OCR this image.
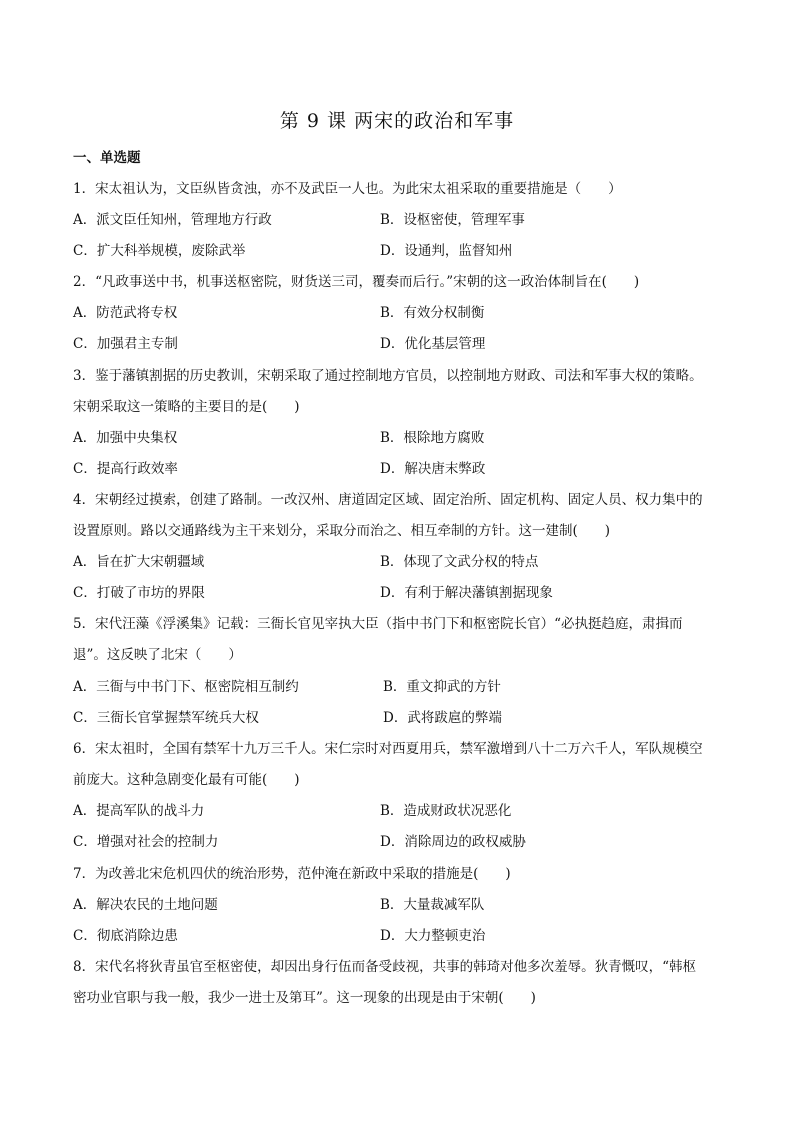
第 9 课 两宋的政治和军事
一、单选题
1．宋太祖认为，文臣纵皆贪浊，亦不及武臣一人也。为此宋太祖采取的重要措施是（　　）
A．派文臣任知州，管理地方行政	B．设枢密使，管理军事
C．扩大科举规模，废除武举	D．设通判，监督知州
2．“凡政事送中书，机事送枢密院，财货送三司，覆奏而后行。”宋朝的这一政治体制旨在(　　)
A．防范武将专权	B．有效分权制衡
C．加强君主专制	D．优化基层管理
3．鉴于藩镇割据的历史教训，宋朝采取了通过控制地方官员，以控制地方财政、司法和军事大权的策略。
宋朝采取这一策略的主要目的是(　　)
A．加强中央集权	B．根除地方腐败
C．提高行政效率	D．解决唐末弊政
4．宋朝经过摸索，创建了路制。一改汉州、唐道固定区域、固定治所、固定机构、固定人员、权力集中的
设置原则。路以交通路线为主干来划分，采取分而治之、相互牵制的方针。这一建制(　　)
A．旨在扩大宋朝疆域	B．体现了文武分权的特点
C．打破了市坊的界限	D．有利于解决藩镇割据现象
5．宋代汪藻《浮溪集》记载：三衙长官见宰执大臣（指中书门下和枢密院长官）“必执挺趋庭，肃揖而
退”。这反映了北宋（　　）
A．三衙与中书门下、枢密院相互制约	B．重文抑武的方针
C．三衙长官掌握禁军统兵大权	D．武将跋扈的弊端
6．宋太祖时，全国有禁军十九万三千人。宋仁宗时对西夏用兵，禁军激增到八十二万六千人，军队规模空
前庞大。这种急剧变化最有可能(　　)
A．提高军队的战斗力	B．造成财政状况恶化
C．增强对社会的控制力	D．消除周边的政权威胁
7．为改善北宋危机四伏的统治形势，范仲淹在新政中采取的措施是(　　)
A．解决农民的土地问题	B．大量裁减军队
C．彻底消除边患	D．大力整顿吏治
8．宋代名将狄青虽官至枢密使，却因出身行伍而备受歧视，共事的韩琦对他多次羞辱。狄青慨叹，“韩枢
密功业官职与我一般，我少一进士及第耳”。这一现象的出现是由于宋朝(　　)
